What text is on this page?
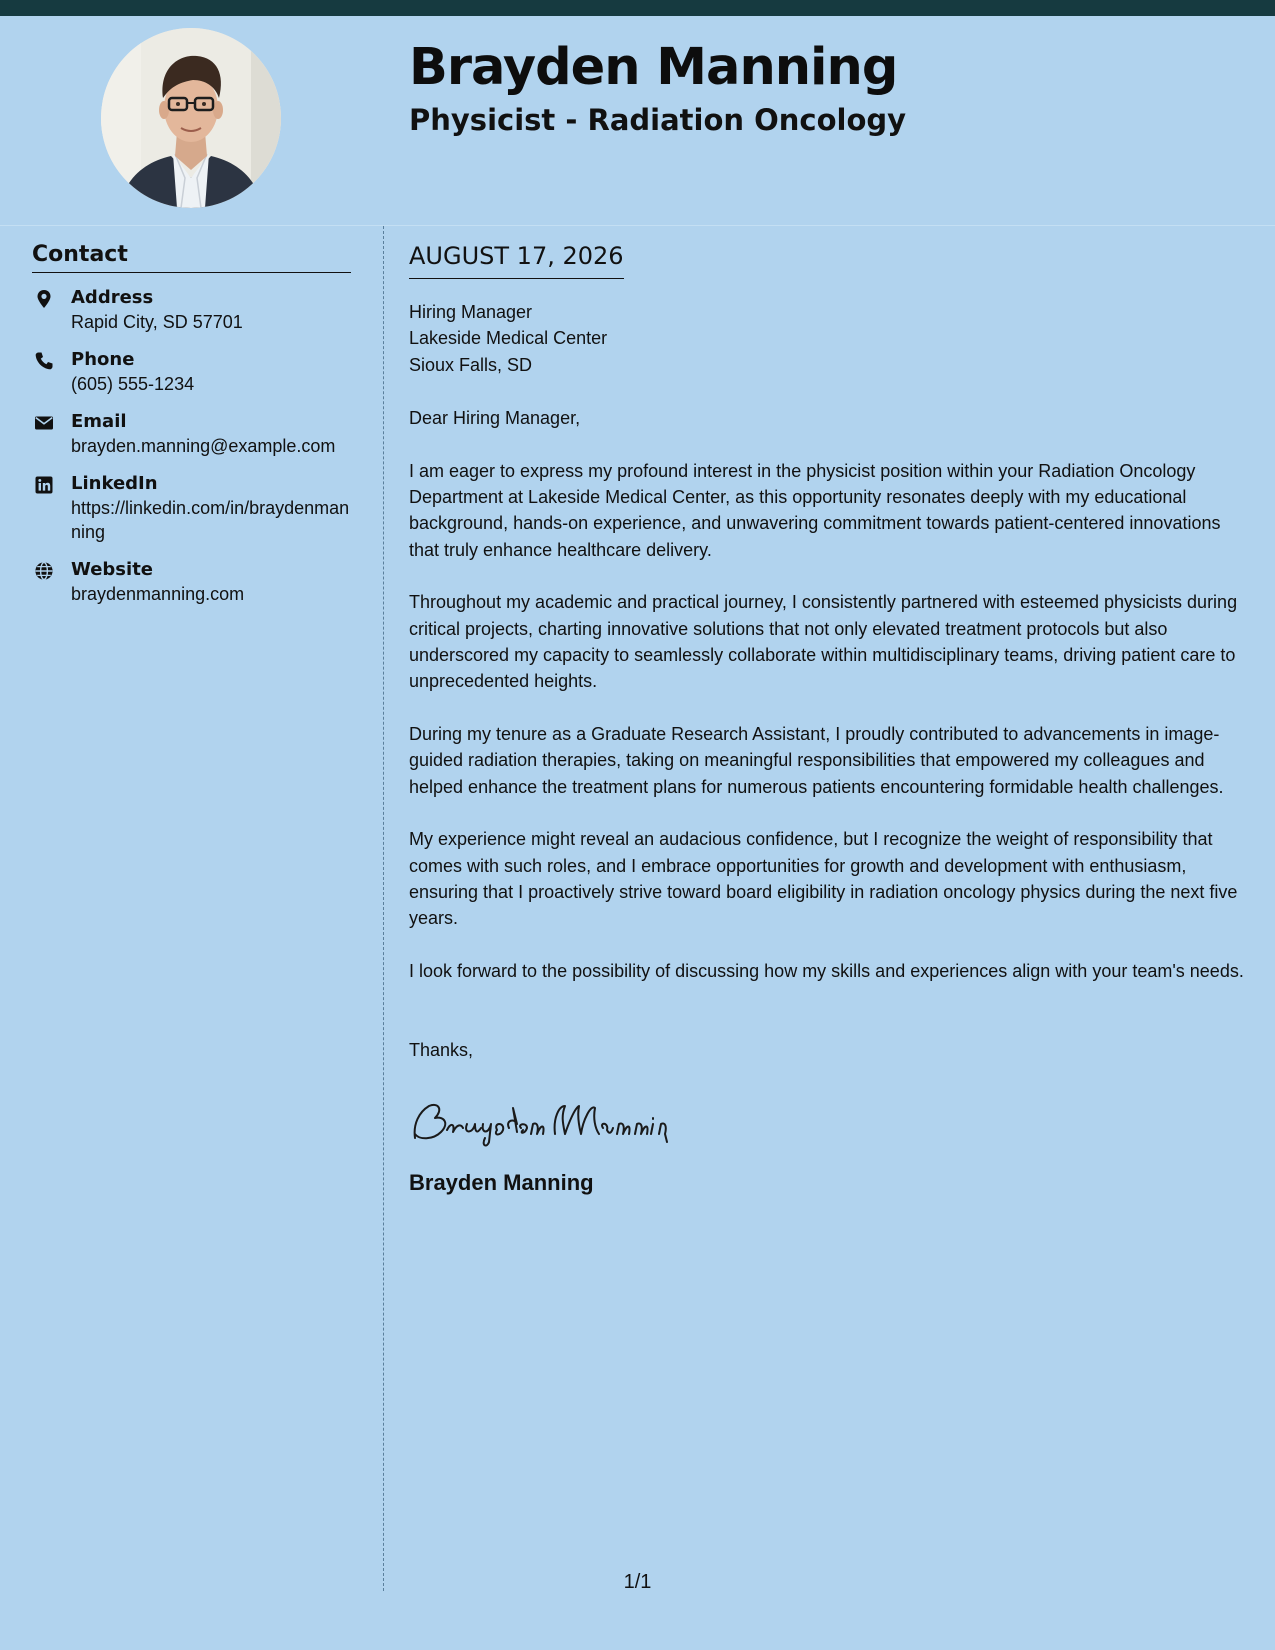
Brayden Manning
Physicist - Radiation Oncology
Contact
Address
Rapid City, SD 57701
Phone
(605) 555-1234
Email
brayden.manning@example.com
LinkedIn
https://linkedin.com/in/braydenmanning
Website
braydenmanning.com
AUGUST 17, 2026
Hiring Manager
Lakeside Medical Center
Sioux Falls, SD
Dear Hiring Manager,

I am eager to express my profound interest in the physicist position within your Radiation Oncology Department at Lakeside Medical Center, as this opportunity resonates deeply with my educational background, hands-on experience, and unwavering commitment towards patient-centered innovations that truly enhance healthcare delivery.

Throughout my academic and practical journey, I consistently partnered with esteemed physicists during critical projects, charting innovative solutions that not only elevated treatment protocols but also underscored my capacity to seamlessly collaborate within multidisciplinary teams, driving patient care to unprecedented heights.

During my tenure as a Graduate Research Assistant, I proudly contributed to advancements in image-guided radiation therapies, taking on meaningful responsibilities that empowered my colleagues and helped enhance the treatment plans for numerous patients encountering formidable health challenges.

My experience might reveal an audacious confidence, but I recognize the weight of responsibility that comes with such roles, and I embrace opportunities for growth and development with enthusiasm, ensuring that I proactively strive toward board eligibility in radiation oncology physics during the next five years.

I look forward to the possibility of discussing how my skills and experiences align with your team's needs.

Thanks,
Brayden Manning
1/1
